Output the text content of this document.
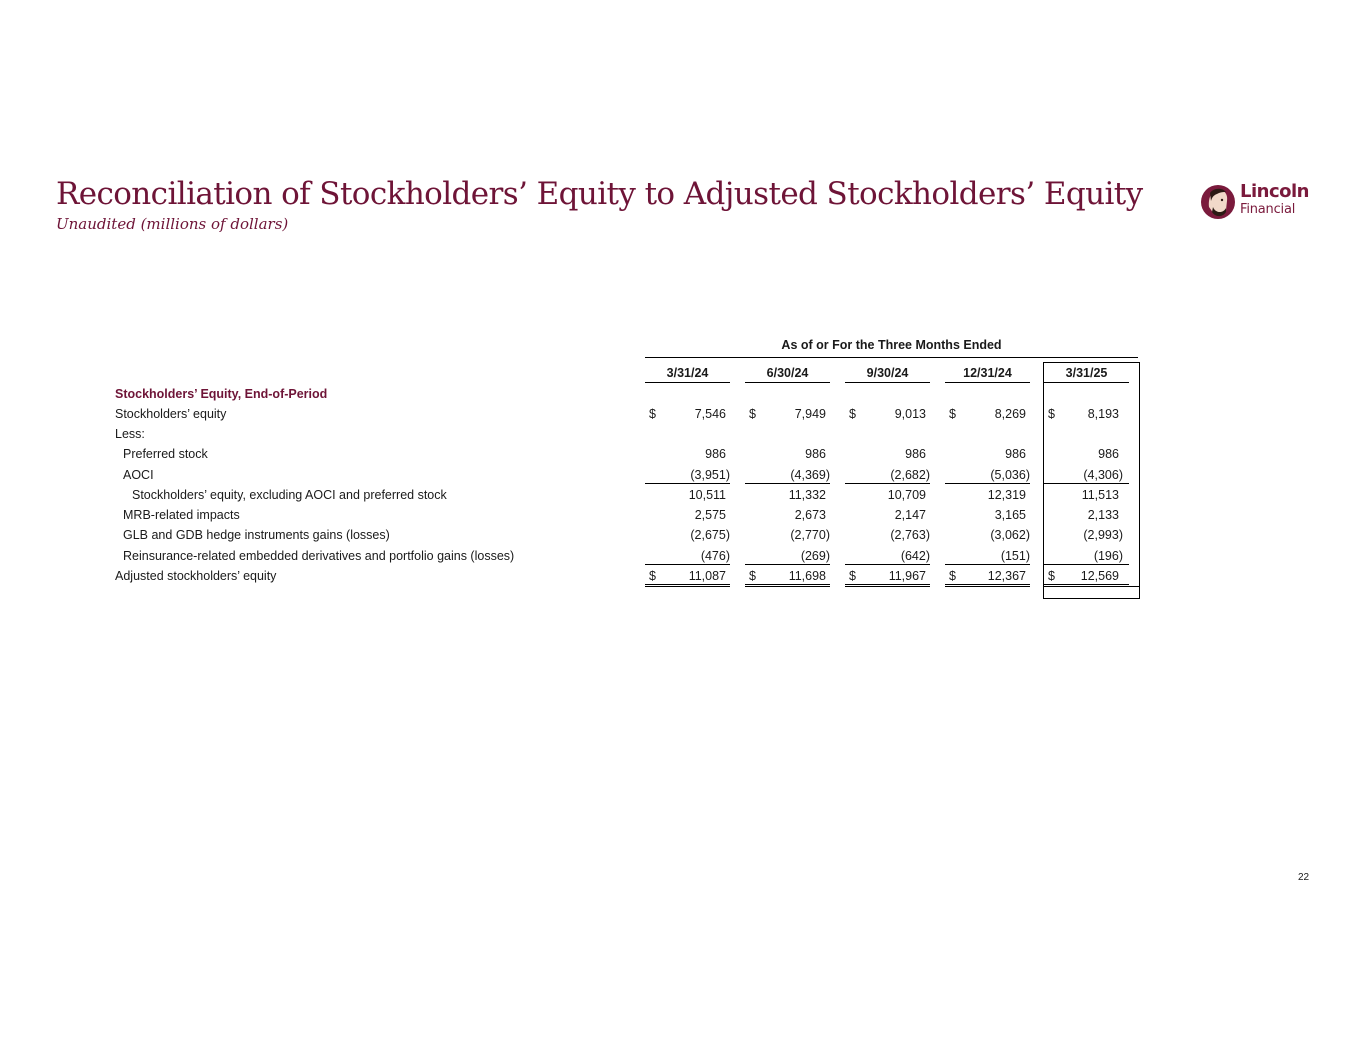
Reconciliation of Stockholders’ Equity to Adjusted Stockholders’ Equity

Unaudited (millions of dollars)

Lincoln
Financial
As of or For the Three Months Ended
3/31/24	6/30/24	9/30/24	12/31/24	3/31/25
Stockholders’ Equity, End-of-Period
Stockholders’ equity	$	7,546 $	7,949 $	9,013 $	8,269 $	8,193
Less:
Preferred stock	986	986	986	986	986
AOCI	(3,951)	(4,369)	(2,682)	(5,036)	(4,306)
Stockholders’ equity, excluding AOCI and preferred stock	10,511	11,332	10,709	12,319	11,513
MRB-related impacts	2,575	2,673	2,147	3,165	2,133
GLB and GDB hedge instruments gains (losses)	(2,675)	(2,770)	(2,763)	(3,062)	(2,993)
Reinsurance-related embedded derivatives and portfolio gains (losses)	(476)	(269)	(642)	(151)	(196)
Adjusted stockholders’ equity	$	11,087 $	11,698 $	11,967 $	12,367 $ 12,569
22
